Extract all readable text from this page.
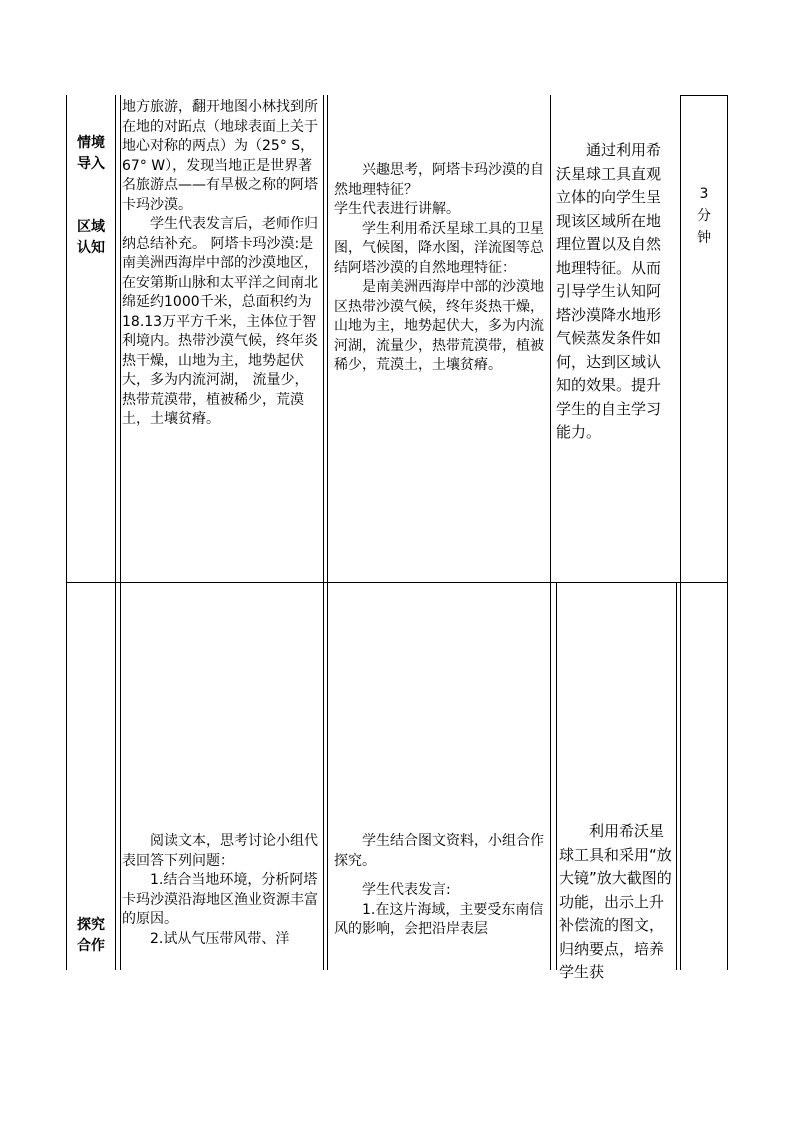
情境导入
区域认知

地方旅游，翻开地图小林找到所在地的对跖点（地球表面上关于地心对称的两点）为（25° S，67° W），发现当地正是世界著名旅游点——有旱极之称的阿塔卡玛沙漠。

学生代表发言后，老师作归纳总结补充。 阿塔卡玛沙漠:是南美洲西海岸中部的沙漠地区，在安第斯山脉和太平洋之间南北绵延约1000千米，总面积约为18.13万平方千米，主体位于智利境内。热带沙漠气候，终年炎热干燥，山地为主，地势起伏大，多为内流河湖， 流量少， 热带荒漠带，植被稀少，荒漠土，土壤贫瘠。

兴趣思考，阿塔卡玛沙漠的自然地理特征？

学生代表进行讲解。

学生利用希沃星球工具的卫星图，气候图，降水图，洋流图等总结阿塔沙漠的自然地理特征：

是南美洲西海岸中部的沙漠地区热带沙漠气候，终年炎热干燥，山地为主，地势起伏大，多为内流河湖，流量少，热带荒漠带，植被稀少，荒漠土，土壤贫瘠。

通过利用希沃星球工具直观立体的向学生呈现该区域所在地理位置以及自然地理特征。从而引导学生认知阿塔沙漠降水地形气候蒸发条件如何，达到区域认知的效果。提升学生的自主学习能力。

3
分
钟
探究合作

阅读文本，思考讨论小组代表回答下列问题：

1.结合当地环境，分析阿塔卡玛沙漠沿海地区渔业资源丰富的原因。

2.试从气压带风带、洋

学生结合图文资料，小组合作探究。

学生代表发言:

1.在这片海域，主要受东南信风的影响，会把沿岸表层

利用希沃星球工具和采用“放大镜”放大截图的功能，出示上升补偿流的图文，归纳要点，培养学生获
